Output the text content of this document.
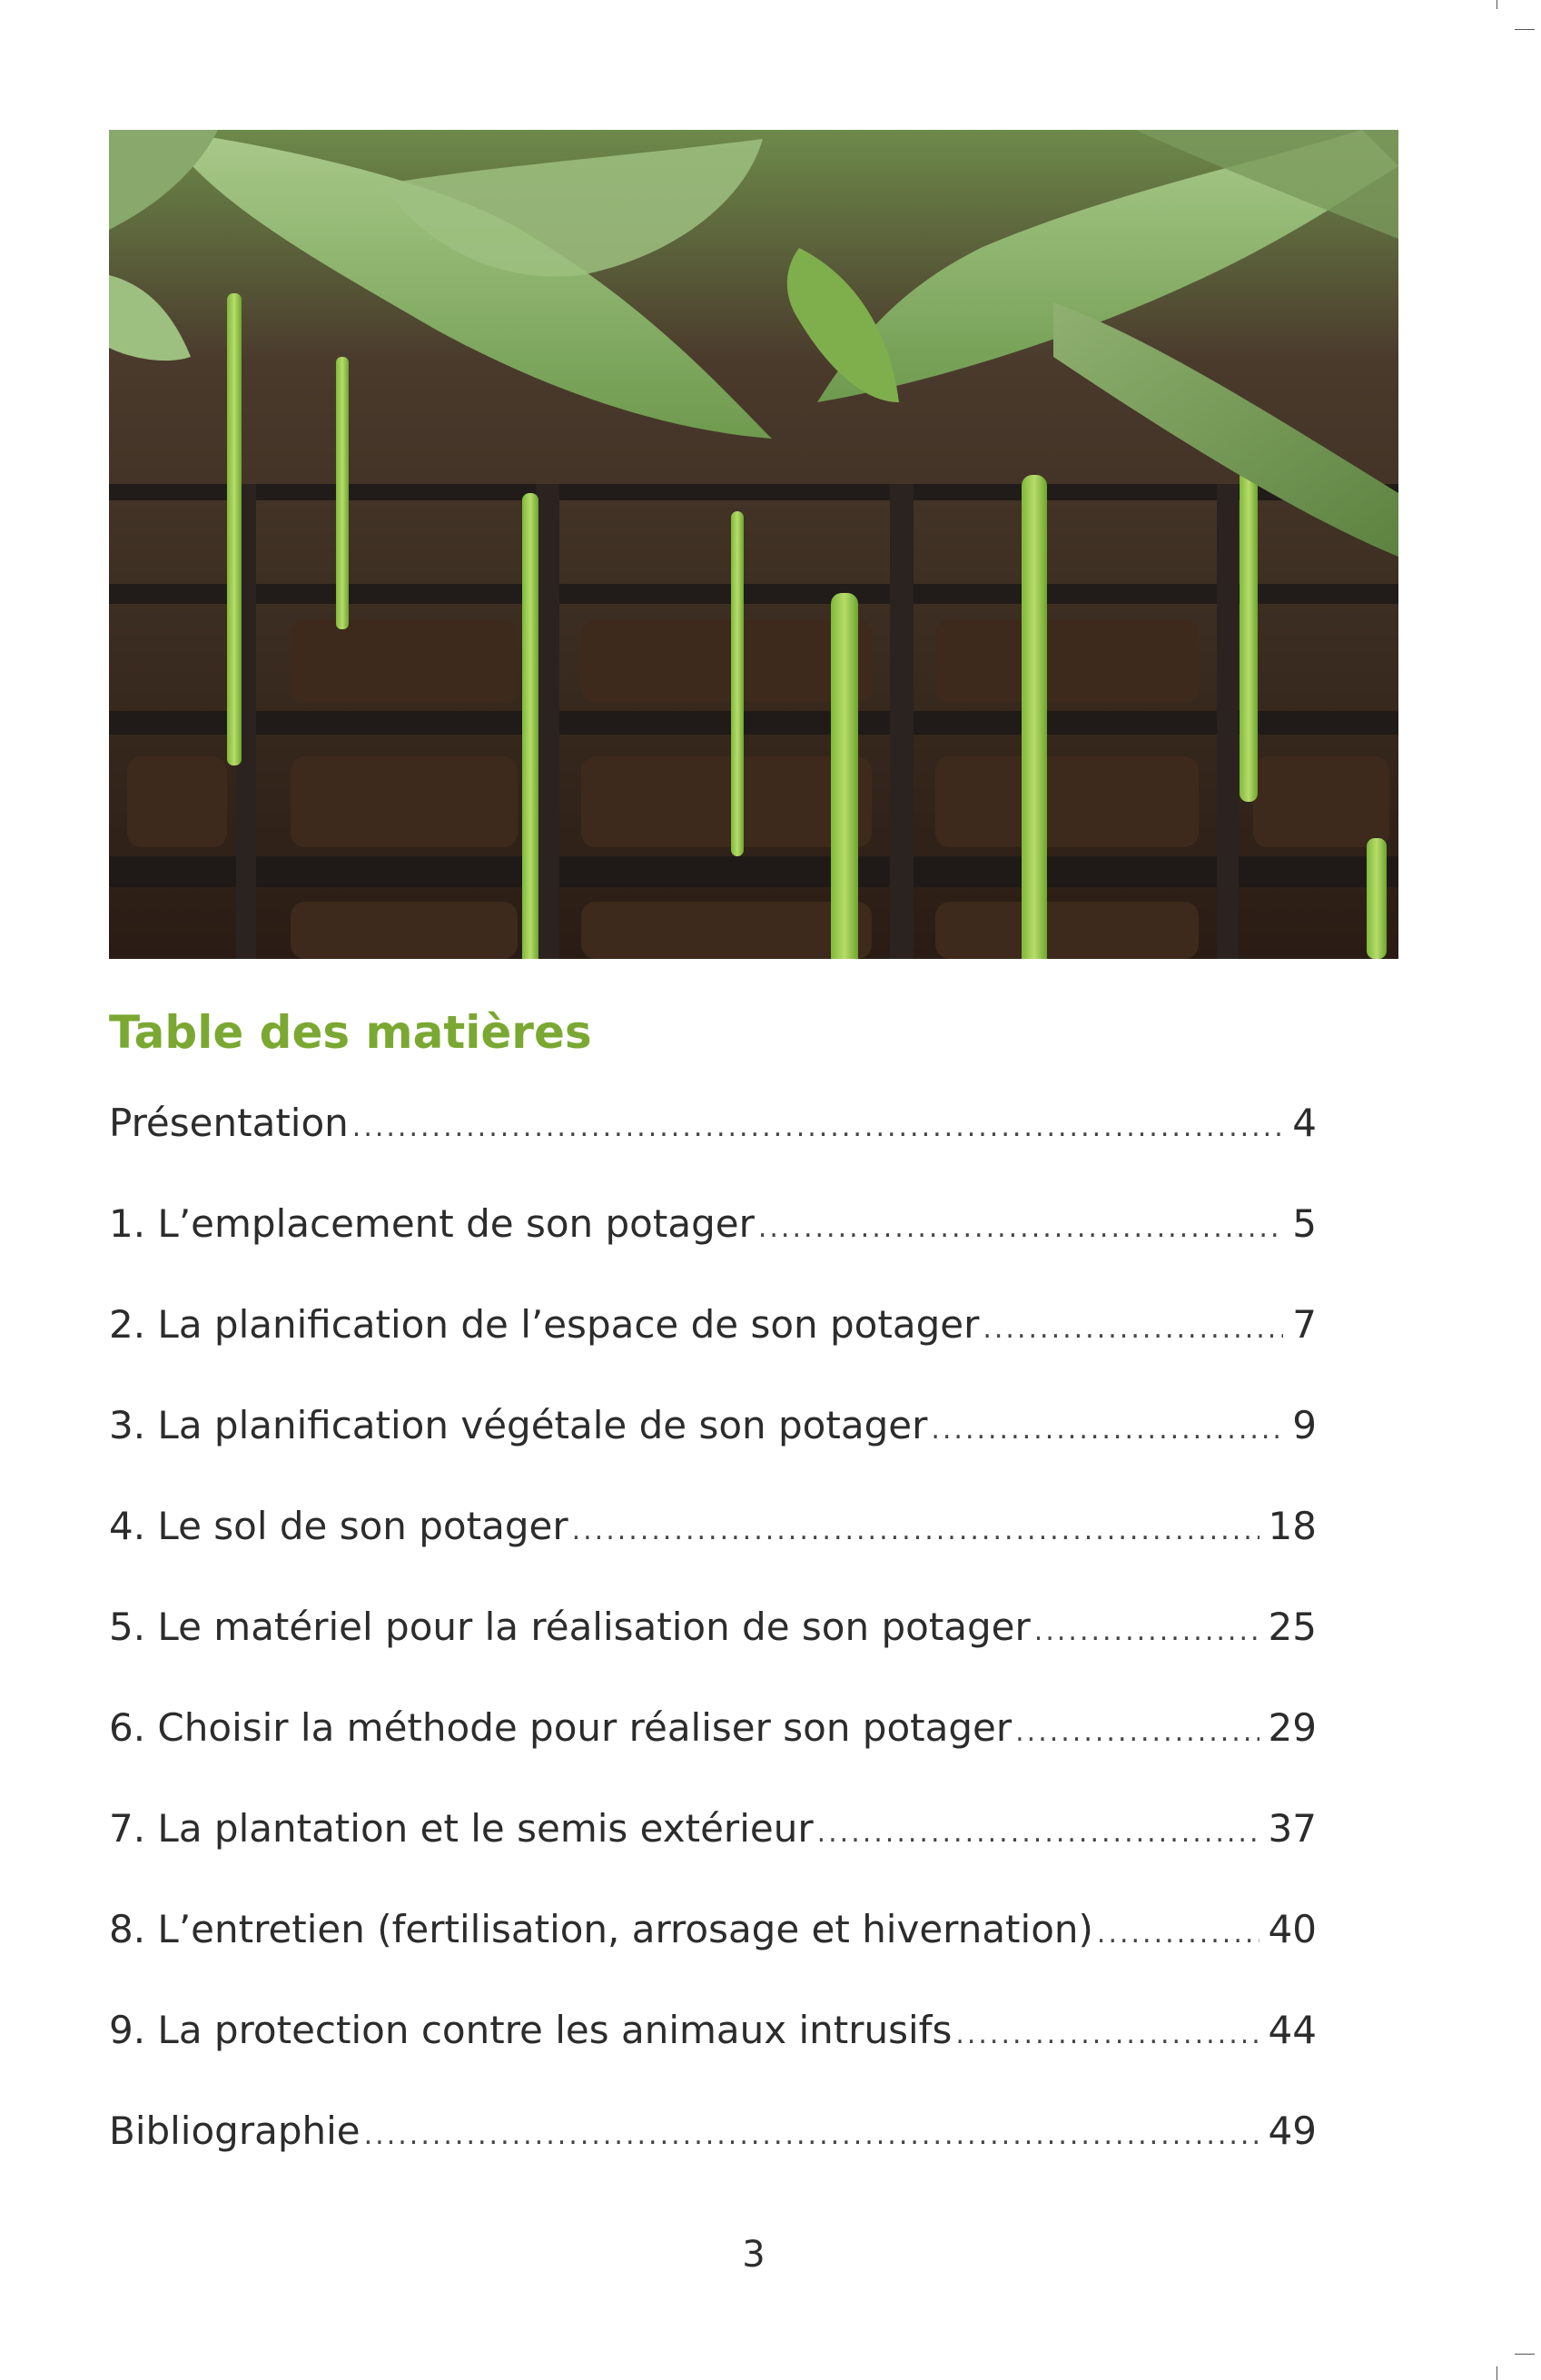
Table des matières
Présentation .....	4
1. L’emplacement de son potager .....	5
2. La planification de l’espace de son potager .....	7
3. La planification végétale de son potager .....	9
4. Le sol de son potager .....	18
5. Le matériel pour la réalisation de son potager .....	25
6. Choisir la méthode pour réaliser son potager .....	29
7. La plantation et le semis extérieur .....	37
8. L’entretien (fertilisation, arrosage et hivernation) .....	40
9. La protection contre les animaux intrusifs .....	44
Bibliographie .....	49

3
